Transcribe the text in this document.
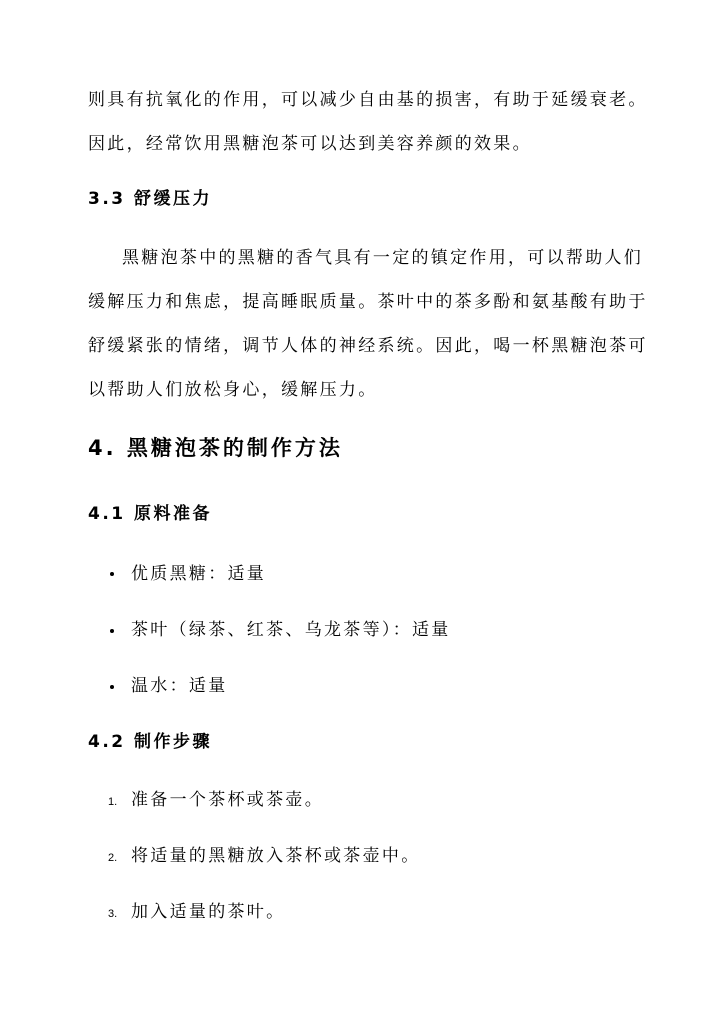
则具有抗氧化的作用，可以减少自由基的损害，有助于延缓衰老。
因此，经常饮用黑糖泡茶可以达到美容养颜的效果。
3.3 舒缓压力
黑糖泡茶中的黑糖的香气具有一定的镇定作用，可以帮助人们
缓解压力和焦虑，提高睡眠质量。茶叶中的茶多酚和氨基酸有助于
舒缓紧张的情绪，调节人体的神经系统。因此，喝一杯黑糖泡茶可
以帮助人们放松身心，缓解压力。
4. 黑糖泡茶的制作方法
4.1 原料准备
优质黑糖：适量
茶叶（绿茶、红茶、乌龙茶等）：适量
温水：适量
4.2 制作步骤
1. 准备一个茶杯或茶壶。
2. 将适量的黑糖放入茶杯或茶壶中。
3. 加入适量的茶叶。
